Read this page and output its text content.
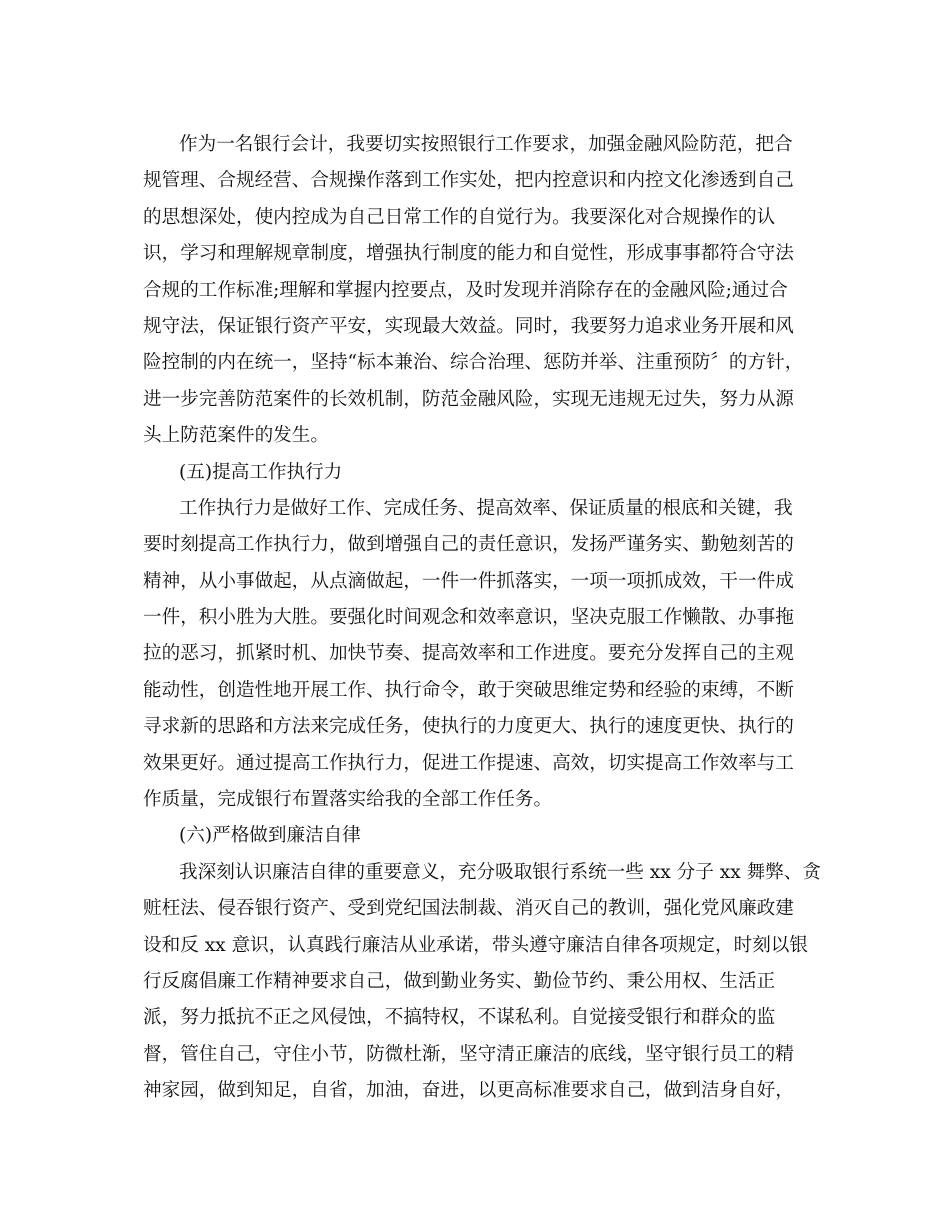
作为一名银行会计，我要切实按照银行工作要求，加强金融风险防范，把合
规管理、合规经营、合规操作落到工作实处，把内控意识和内控文化渗透到自己
的思想深处，使内控成为自己日常工作的自觉行为。我要深化对合规操作的认
识，学习和理解规章制度，增强执行制度的能力和自觉性，形成事事都符合守法
合规的工作标准;理解和掌握内控要点，及时发现并消除存在的金融风险;通过合
规守法，保证银行资产平安，实现最大效益。同时，我要努力追求业务开展和风
险控制的内在统一，坚持“标本兼治、综合治理、惩防并举、注重预防〞的方针，
进一步完善防范案件的长效机制，防范金融风险，实现无违规无过失，努力从源
头上防范案件的发生。
(五)提高工作执行力
工作执行力是做好工作、完成任务、提高效率、保证质量的根底和关键，我
要时刻提高工作执行力，做到增强自己的责任意识，发扬严谨务实、勤勉刻苦的
精神，从小事做起，从点滴做起，一件一件抓落实，一项一项抓成效，干一件成
一件，积小胜为大胜。要强化时间观念和效率意识，坚决克服工作懒散、办事拖
拉的恶习，抓紧时机、加快节奏、提高效率和工作进度。要充分发挥自己的主观
能动性，创造性地开展工作、执行命令，敢于突破思维定势和经验的束缚，不断
寻求新的思路和方法来完成任务，使执行的力度更大、执行的速度更快、执行的
效果更好。通过提高工作执行力，促进工作提速、高效，切实提高工作效率与工
作质量，完成银行布置落实给我的全部工作任务。
(六)严格做到廉洁自律
我深刻认识廉洁自律的重要意义，充分吸取银行系统一些 xx 分子 xx 舞弊、贪
赃枉法、侵吞银行资产、受到党纪国法制裁、消灭自己的教训，强化党风廉政建
设和反 xx 意识，认真践行廉洁从业承诺，带头遵守廉洁自律各项规定，时刻以银
行反腐倡廉工作精神要求自己，做到勤业务实、勤俭节约、秉公用权、生活正
派，努力抵抗不正之风侵蚀，不搞特权，不谋私利。自觉接受银行和群众的监
督，管住自己，守住小节，防微杜渐，坚守清正廉洁的底线，坚守银行员工的精
神家园，做到知足，自省，加油，奋进，以更高标准要求自己，做到洁身自好，
